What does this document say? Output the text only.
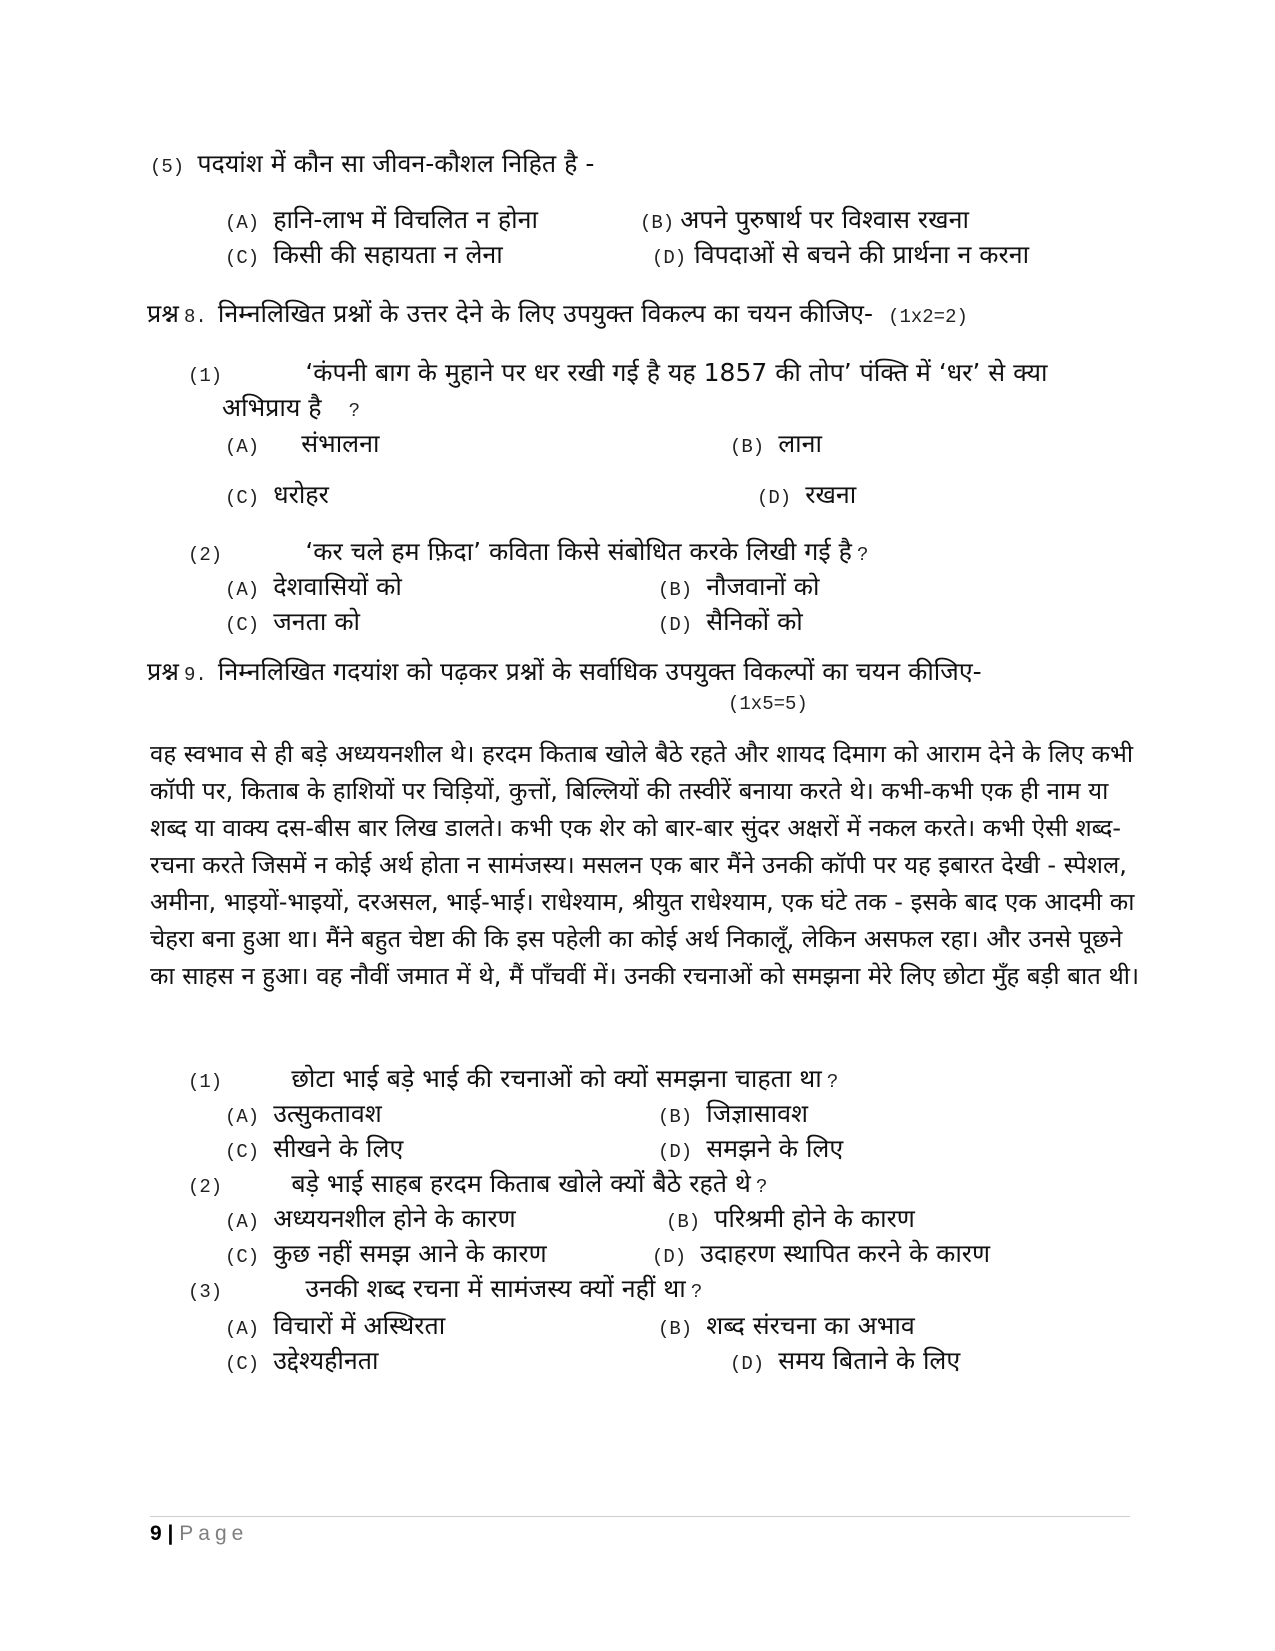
(5) पदयांश में कौन सा जीवन-कौशल निहित है -
(A) हानि-लाभ में विचलित न होना	(B) अपने पुरुषार्थ पर विश्वास रखना
(C) किसी की सहायता न लेना	(D) विपदाओं से बचने की प्रार्थना न करना
प्रश्न 8. निम्नलिखित प्रश्नों के उत्तर देने के लिए उपयुक्त विकल्प का चयन कीजिए- (1x2=2)
(1)	‘कंपनी बाग के मुहाने पर धर रखी गई है यह 1857 की तोप’ पंक्ति में ‘धर’ से क्या
अभिप्राय है ?
(A) संभालना	(B) लाना
(C) धरोहर	(D) रखना
(2)	‘कर चले हम फ़िदा’ कविता किसे संबोधित करके लिखी गई है ?
(A) देशवासियों को	(B) नौजवानों को
(C) जनता को	(D) सैनिकों को
प्रश्न 9. निम्नलिखित गदयांश को पढ़कर प्रश्नों के सर्वाधिक उपयुक्त विकल्पों का चयन कीजिए-
(1x5=5)

वह स्वभाव से ही बड़े अध्ययनशील थे। हरदम किताब खोले बैठे रहते और शायद दिमाग को आराम देने के लिए कभी कॉपी पर, किताब के हाशियों पर चिड़ियों, कुत्तों, बिल्लियों की तस्वीरें बनाया करते थे। कभी-कभी एक ही नाम या शब्द या वाक्य दस-बीस बार लिख डालते। कभी एक शेर को बार-बार सुंदर अक्षरों में नकल करते। कभी ऐसी शब्द-रचना करते जिसमें न कोई अर्थ होता न सामंजस्य। मसलन एक बार मैंने उनकी कॉपी पर यह इबारत देखी - स्पेशल, अमीना, भाइयों-भाइयों, दरअसल, भाई-भाई। राधेश्याम, श्रीयुत राधेश्याम, एक घंटे तक - इसके बाद एक आदमी का चेहरा बना हुआ था। मैंने बहुत चेष्टा की कि इस पहेली का कोई अर्थ निकालूँ, लेकिन असफल रहा। और उनसे पूछने का साहस न हुआ। वह नौवीं जमात में थे, मैं पाँचवीं में। उनकी रचनाओं को समझना मेरे लिए छोटा मुँह बड़ी बात थी।

(1)	छोटा भाई बड़े भाई की रचनाओं को क्यों समझना चाहता था ?
(A) उत्सुकतावश	(B) जिज्ञासावश
(C) सीखने के लिए	(D) समझने के लिए
(2)	बड़े भाई साहब हरदम किताब खोले क्यों बैठे रहते थे ?
(A) अध्ययनशील होने के कारण	(B) परिश्रमी होने के कारण
(C) कुछ नहीं समझ आने के कारण	(D) उदाहरण स्थापित करने के कारण
(3)	उनकी शब्द रचना में सामंजस्य क्यों नहीं था ?
(A) विचारों में अस्थिरता	(B) शब्द संरचना का अभाव
(C) उद्देश्यहीनता	(D) समय बिताने के लिए
9 | Page
